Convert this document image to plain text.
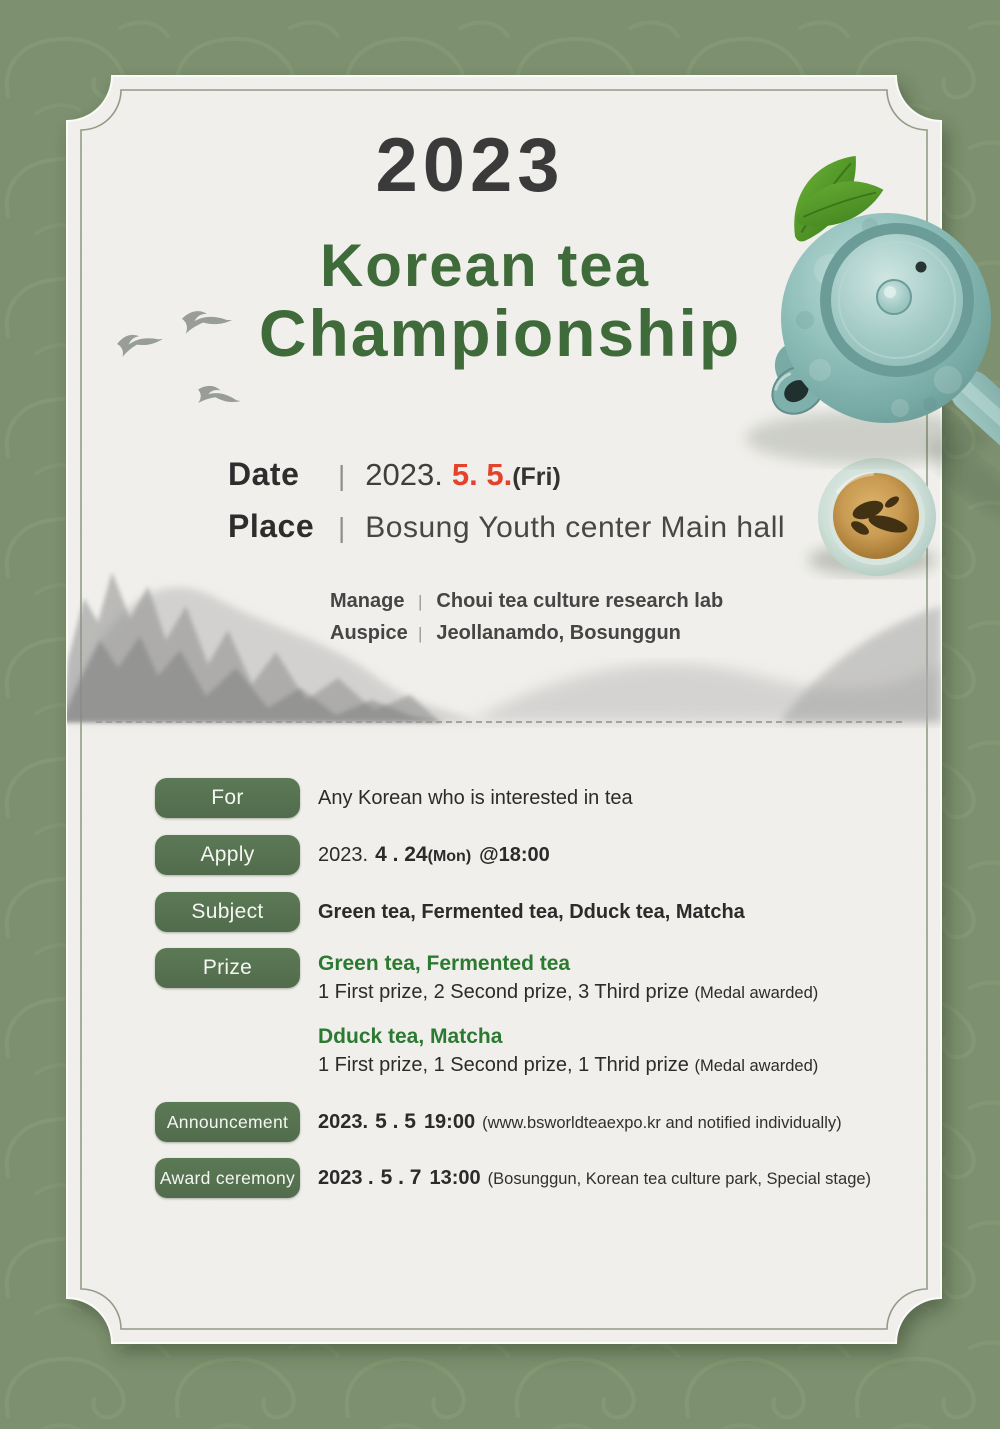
2023
Korean tea
Championship
Date	| 2023. 5. 5. (Fri)
Place | Bosung Youth center Main hall
Manage | Choui tea culture research lab
Auspice | Jeollanamdo, Bosunggun
For	Any Korean who is interested in tea
Apply	2023. 4 . 24(Mon) @18:00
Subject	Green tea, Fermented tea, Dduck tea, Matcha
Prize	Green tea, Fermented tea
1 First prize, 2 Second prize, 3 Third prize (Medal awarded)
Dduck tea, Matcha
1 First prize, 1 Second prize, 1 Thrid prize (Medal awarded)
Announcement	2023. 5 . 5 19:00 (www.bsworldteaexpo.kr and notified individually)
Award ceremony 2023 . 5 . 7 13:00 (Bosunggun, Korean tea culture park, Special stage)
